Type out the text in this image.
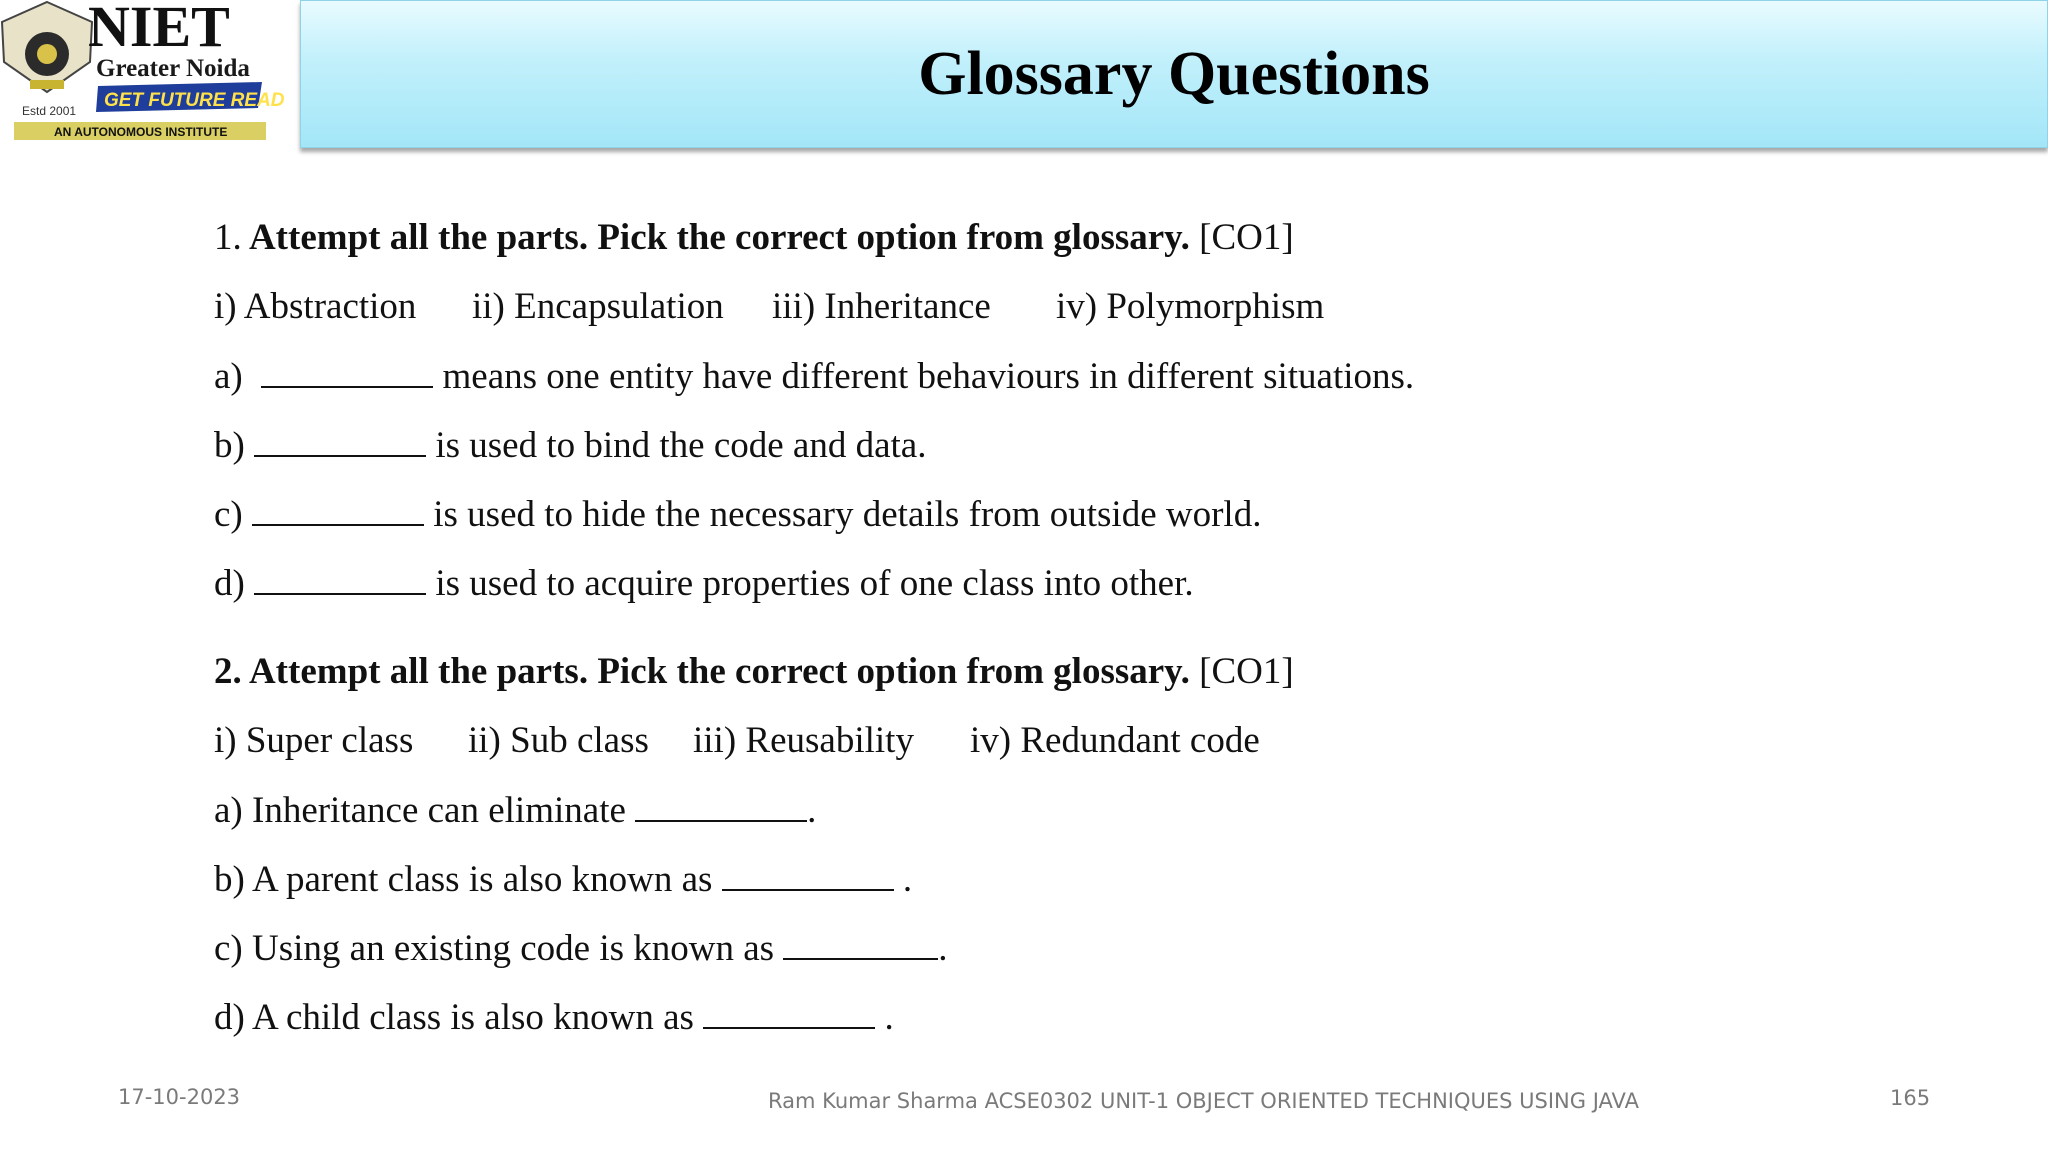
NIET
Greater Noida
Estd 2001 GET FUTURE READY
AN AUTONOMOUS INSTITUTE
Glossary Questions
1. Attempt all the parts. Pick the correct option from glossary. [CO1]
i) Abstraction ii) Encapsulation iii) Inheritance iv) Polymorphism
a)	means one entity have different behaviours in different situations.
b)	is used to bind the code and data.
c)	is used to hide the necessary details from outside world.
d)	is used to acquire properties of one class into other.
2. Attempt all the parts. Pick the correct option from glossary. [CO1]
i) Super class ii) Sub class iii) Reusability iv) Redundant code
a) Inheritance can eliminate	.
b) A parent class is also known as	.
c) Using an existing code is known as	.
d) A child class is also known as	.
17-10-2023	Ram Kumar Sharma ACSE0302 UNIT-1 OBJECT ORIENTED TECHNIQUES USING JAVA	165
